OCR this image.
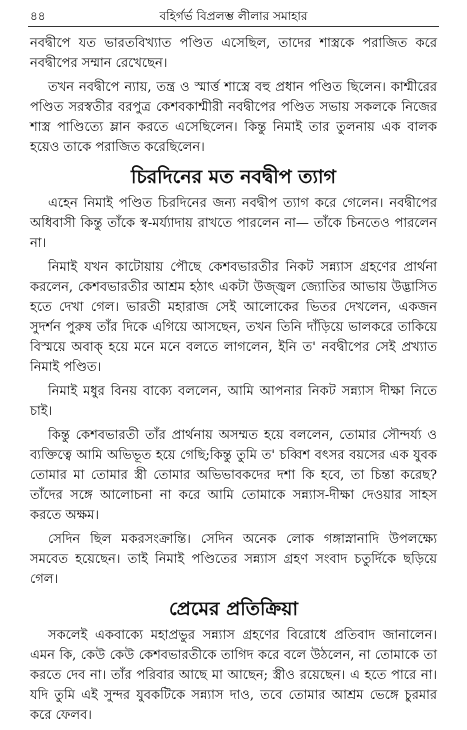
৪৪	বহির্গর্ভ বিপ্রলম্ভ লীলার সমাহার

নবদ্বীপে যত ভারতবিখ্যাত পণ্ডিত এসেছিল, তাদের শাস্ত্রকে পরাজিত করে নবদ্বীপের সম্মান রেখেছেন।

তখন নবদ্বীপে ন্যায়, তন্ত্র ও স্মার্ত্ত শাস্ত্রে বহু প্রধান পণ্ডিত ছিলেন। কাশ্মীরের পণ্ডিত সরস্বতীর বরপুত্র কেশবকাশ্মীরী নবদ্বীপের পণ্ডিত সভায় সকলকে নিজের শাস্ত্র পাণ্ডিত্যে ম্লান করতে এসেছিলেন। কিন্তু নিমাই তার তুলনায় এক বালক হয়েও তাকে পরাজিত করেছিলেন।

চিরদিনের মত নবদ্বীপ ত্যাগ

এহেন নিমাই পণ্ডিত চিরদিনের জন্য নবদ্বীপ ত্যাগ করে গেলেন। নবদ্বীপের অধিবাসী কিন্তু তাঁকে স্ব-মর্য্যাদায় রাখতে পারলেন না— তাঁকে চিনতেও পারলেন না।

নিমাই যখন কাটোয়ায় পৌছে কেশবভারতীর নিকট সন্ন্যাস গ্রহণের প্রার্থনা করলেন, কেশবভারতীর আশ্রম হঠাৎ একটা উজ্জ্বল জ্যোতির আভায় উদ্ভাসিত হতে দেখা গেল। ভারতী মহারাজ সেই আলোকের ভিতর দেখলেন, একজন সুদর্শন পুরুষ তাঁর দিকে এগিয়ে আসছেন, তখন তিনি দাঁড়িয়ে ভালকরে তাকিয়ে বিস্ময়ে অবাক্ হয়ে মনে মনে বলতে লাগলেন, ইনি ত' নবদ্বীপের সেই প্রখ্যাত নিমাই পণ্ডিত।

নিমাই মধুর বিনয় বাক্যে বললেন, আমি আপনার নিকট সন্ন্যাস দীক্ষা নিতে চাই।

কিন্তু কেশবভারতী তাঁর প্রার্থনায় অসম্মত হয়ে বললেন, তোমার সৌন্দর্য্য ও ব্যক্তিত্বে আমি অভিভূত হয়ে গেছি;কিন্তু তুমি ত' চব্বিশ বৎসর বয়সের এক যুবক তোমার মা তোমার স্ত্রী তোমার অভিভাবকদের দশা কি হবে, তা চিন্তা করেছ? তাঁদের সঙ্গে আলোচনা না করে আমি তোমাকে সন্ন্যাস-দীক্ষা দেওয়ার সাহস করতে অক্ষম।

সেদিন ছিল মকরসংক্রান্তি। সেদিন অনেক লোক গঙ্গাস্নানাদি উপলক্ষ্যে সমবেত হয়েছেন। তাই নিমাই পণ্ডিতের সন্ন্যাস গ্রহণ সংবাদ চতুর্দিকে ছড়িয়ে গেল।

প্রেমের প্রতিক্রিয়া

সকলেই একবাক্যে মহাপ্রভুর সন্ন্যাস গ্রহণের বিরোধে প্রতিবাদ জানালেন। এমন কি, কেউ কেউ কেশবভারতীকে তাগিদ করে বলে উঠলেন, না তোমাকে তা করতে দেব না। তাঁর পরিবার আছে মা আছেন; স্ত্রীও রয়েছেন। এ হতে পারে না। যদি তুমি এই সুন্দর যুবকটিকে সন্ন্যাস দাও, তবে তোমার আশ্রম ভেঙ্গে চুরমার করে ফেলব।
